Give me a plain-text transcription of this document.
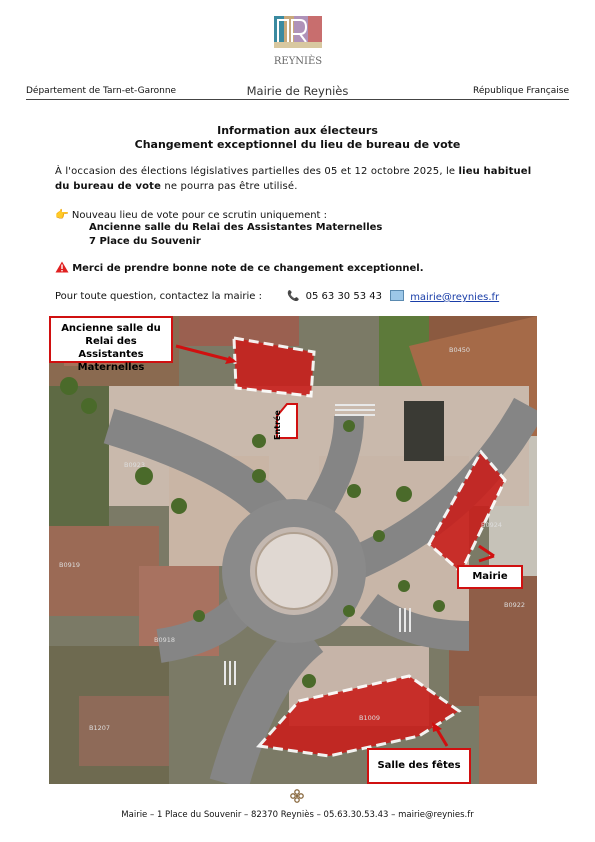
REYNIÈS
Département de Tarn-et-Garonne	Mairie de Reyniès	République Française
Information aux électeurs
Changement exceptionnel du lieu de bureau de vote
À l'occasion des élections législatives partielles des 05 et 12 octobre 2025, le lieu habituel du bureau de vote ne pourra pas être utilisé.
👉 Nouveau lieu de vote pour ce scrutin uniquement :
Ancienne salle du Relai des Assistantes Maternelles
7 Place du Souvenir
Merci de prendre bonne note de ce changement exceptionnel.
Pour toute question, contactez la mairie :	📞 05 63 30 53 43	mairie@reynies.fr
B0450
B0923
B0924
B0919
B0922
B0918
B1207
B1009
Entrée
Ancienne salle du
Relai des Assistantes
Maternelles
Mairie
Salle des fêtes
Mairie – 1 Place du Souvenir – 82370 Reyniès – 05.63.30.53.43 – mairie@reynies.fr
